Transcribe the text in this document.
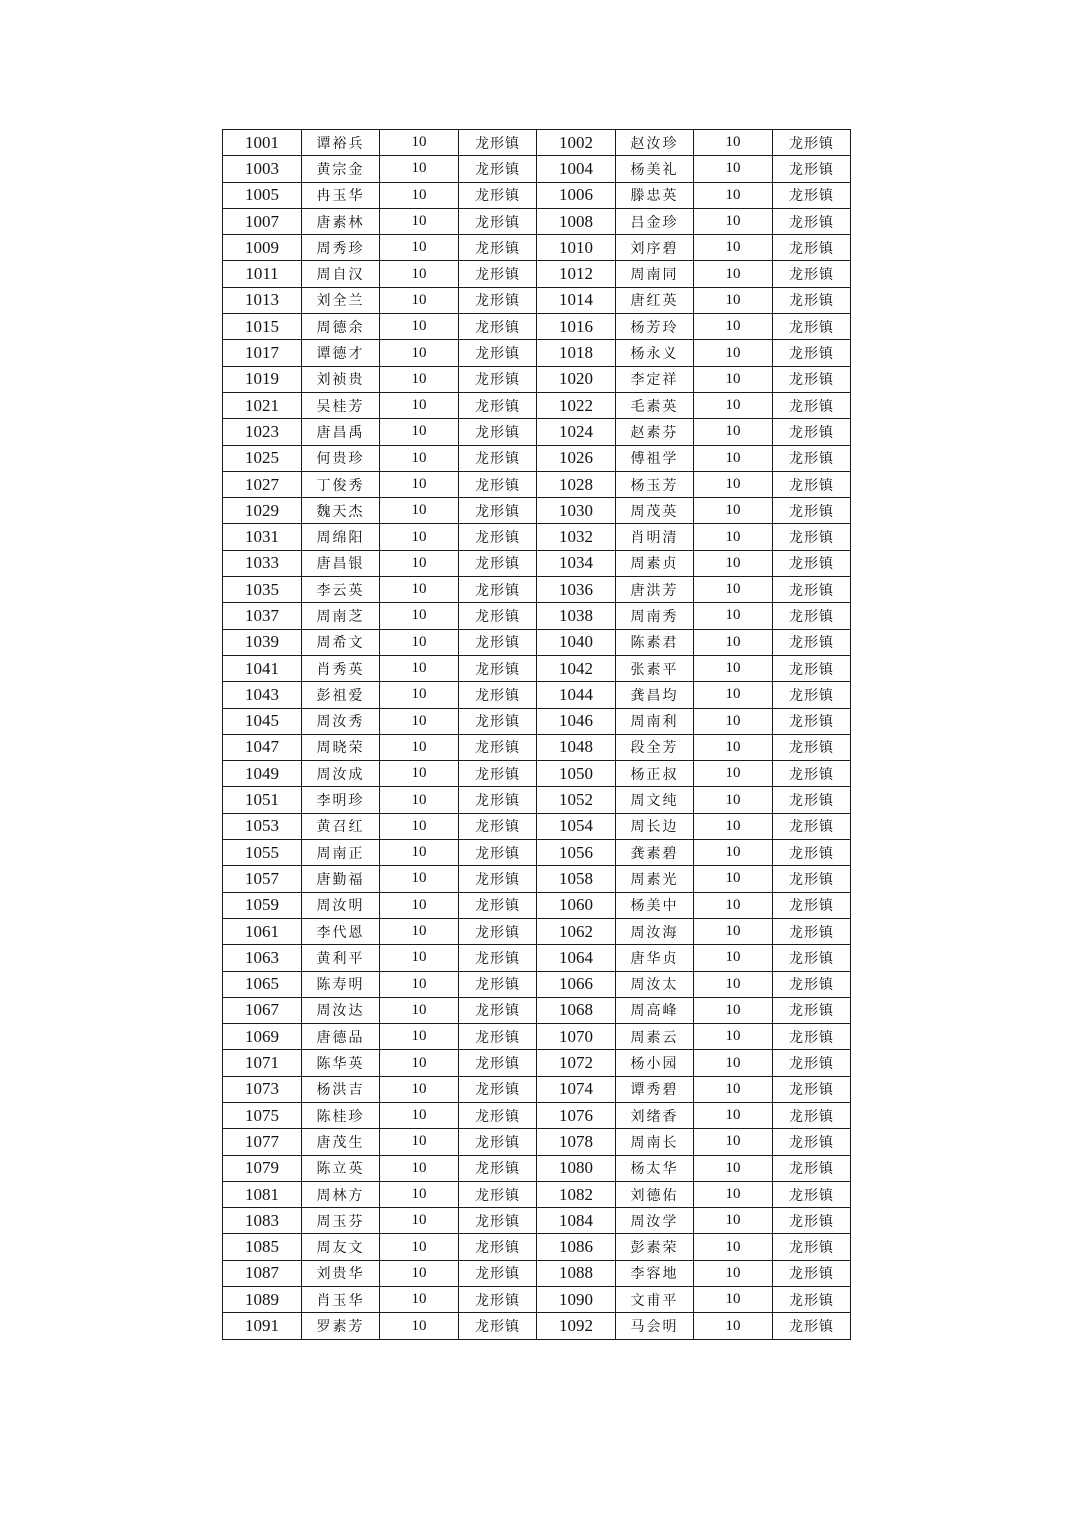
1001	谭裕兵	10	龙形镇	1002	赵汝珍	10	龙形镇
1003	黄宗金	10	龙形镇	1004	杨美礼	10	龙形镇
1005	冉玉华	10	龙形镇	1006	滕忠英	10	龙形镇
1007	唐素林	10	龙形镇	1008	吕金珍	10	龙形镇
1009	周秀珍	10	龙形镇	1010	刘序碧	10	龙形镇
1011	周自汉	10	龙形镇	1012	周南同	10	龙形镇
1013	刘全兰	10	龙形镇	1014	唐红英	10	龙形镇
1015	周德余	10	龙形镇	1016	杨芳玲	10	龙形镇
1017	谭德才	10	龙形镇	1018	杨永义	10	龙形镇
1019	刘祯贵	10	龙形镇	1020	李定祥	10	龙形镇
1021	吴桂芳	10	龙形镇	1022	毛素英	10	龙形镇
1023	唐昌禹	10	龙形镇	1024	赵素芬	10	龙形镇
1025	何贵珍	10	龙形镇	1026	傅祖学	10	龙形镇
1027	丁俊秀	10	龙形镇	1028	杨玉芳	10	龙形镇
1029	魏天杰	10	龙形镇	1030	周茂英	10	龙形镇
1031	周绵阳	10	龙形镇	1032	肖明清	10	龙形镇
1033	唐昌银	10	龙形镇	1034	周素贞	10	龙形镇
1035	李云英	10	龙形镇	1036	唐洪芳	10	龙形镇
1037	周南芝	10	龙形镇	1038	周南秀	10	龙形镇
1039	周希文	10	龙形镇	1040	陈素君	10	龙形镇
1041	肖秀英	10	龙形镇	1042	张素平	10	龙形镇
1043	彭祖爱	10	龙形镇	1044	龚昌均	10	龙形镇
1045	周汝秀	10	龙形镇	1046	周南利	10	龙形镇
1047	周晓荣	10	龙形镇	1048	段全芳	10	龙形镇
1049	周汝成	10	龙形镇	1050	杨正叔	10	龙形镇
1051	李明珍	10	龙形镇	1052	周文纯	10	龙形镇
1053	黄召红	10	龙形镇	1054	周长边	10	龙形镇
1055	周南正	10	龙形镇	1056	龚素碧	10	龙形镇
1057	唐勤福	10	龙形镇	1058	周素光	10	龙形镇
1059	周汝明	10	龙形镇	1060	杨美中	10	龙形镇
1061	李代恩	10	龙形镇	1062	周汝海	10	龙形镇
1063	黄利平	10	龙形镇	1064	唐华贞	10	龙形镇
1065	陈寿明	10	龙形镇	1066	周汝太	10	龙形镇
1067	周汝达	10	龙形镇	1068	周高峰	10	龙形镇
1069	唐德品	10	龙形镇	1070	周素云	10	龙形镇
1071	陈华英	10	龙形镇	1072	杨小园	10	龙形镇
1073	杨洪吉	10	龙形镇	1074	谭秀碧	10	龙形镇
1075	陈桂珍	10	龙形镇	1076	刘绪香	10	龙形镇
1077	唐茂生	10	龙形镇	1078	周南长	10	龙形镇
1079	陈立英	10	龙形镇	1080	杨太华	10	龙形镇
1081	周林方	10	龙形镇	1082	刘德佑	10	龙形镇
1083	周玉芬	10	龙形镇	1084	周汝学	10	龙形镇
1085	周友文	10	龙形镇	1086	彭素荣	10	龙形镇
1087	刘贵华	10	龙形镇	1088	李容地	10	龙形镇
1089	肖玉华	10	龙形镇	1090	文甫平	10	龙形镇
1091	罗素芳	10	龙形镇	1092	马会明	10	龙形镇
